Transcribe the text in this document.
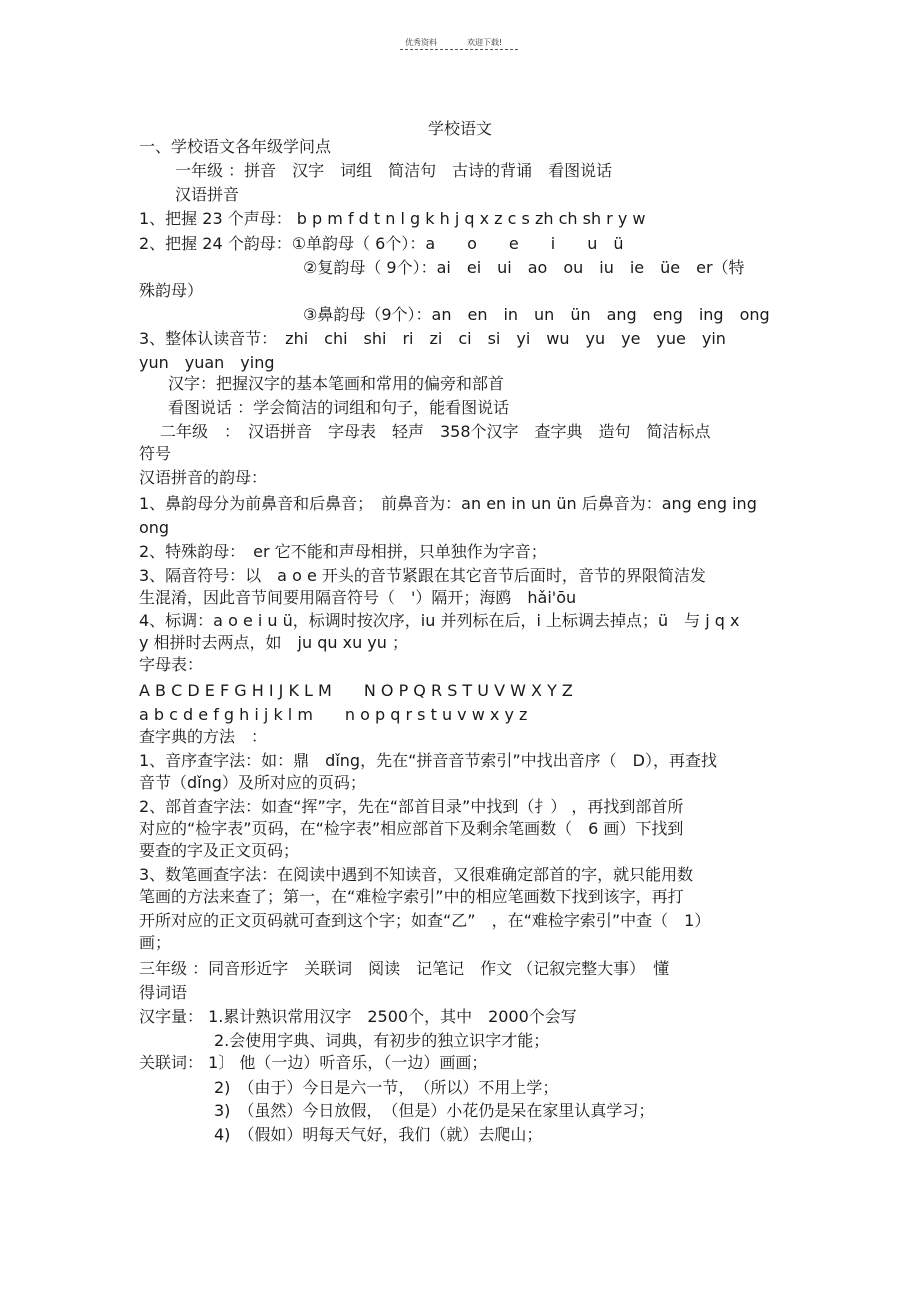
优秀资料	欢迎下载!
学校语文
一、学校语文各年级学问点
一年级 ：拼音　汉字　词组　简洁句　古诗的背诵　看图说话
汉语拼音
1、把握 23 个声母： b p m f d t n l g k h j q x z c s zh ch sh r y w
2、把握 24 个韵母：①单韵母（ 6个）：a　　o　　e　　i　　u　ü
②复韵母（ 9个）：ai　ei　ui　ao　ou　iu　ie　üe　er（特
殊韵母）
③鼻韵母（9个）：an　en　in　un　ün　ang　eng　ing　ong
3、整体认读音节：　zhi　chi　shi　ri　zi　ci　si　yi　wu　yu　ye　yue　yin
yun　yuan　ying
汉字：把握汉字的基本笔画和常用的偏旁和部首
看图说话 ：学会简洁的词组和句子，能看图说话
二年级　：　汉语拼音　字母表　轻声　358个汉字　查字典　造句　简洁标点
符号
汉语拼音的韵母：
1、鼻韵母分为前鼻音和后鼻音；　前鼻音为：an en in un ün 后鼻音为：ang eng ing
ong
2、特殊韵母：　er 它不能和声母相拼，只单独作为字音；
3、隔音符号：以　a o e 开头的音节紧跟在其它音节后面时，音节的界限简洁发
生混淆，因此音节间要用隔音符号（　'）隔开；海鸥　hǎi'ōu
4、标调：a o e i u ü，标调时按次序，iu 并列标在后，i 上标调去掉点；ü　与 j q x
y 相拼时去两点，如　ju qu xu yu ；
字母表：
A B C D E F G H I J K L M　　N O P Q R S T U V W X Y Z
a b c d e f g h i j k l m　　n o p q r s t u v w x y z
查字典的方法　：
1、音序查字法：如：鼎　dǐng，先在“拼音音节索引”中找出音序（　D），再查找
音节（dǐng）及所对应的页码；
2、部首查字法：如查“挥”字，先在“部首目录”中找到（扌） ，再找到部首所
对应的“检字表”页码，在“检字表”相应部首下及剩余笔画数（　6 画）下找到
要查的字及正文页码；
3、数笔画查字法：在阅读中遇到不知读音，又很难确定部首的字，就只能用数
笔画的方法来查了；第一，在“难检字索引”中的相应笔画数下找到该字，再打
开所对应的正文页码就可查到这个字；如查“乙”　，在“难检字索引”中查（　1）
画；
三年级 ：同音形近字　关联词　阅读　记笔记　作文 （记叙完整大事）　懂
得词语
汉字量： 1.累计熟识常用汉字　2500个，其中　2000个会写
2.会使用字典、词典，有初步的独立识字才能；
关联词： 1〕 他（一边）听音乐，（一边）画画；
2)　（由于）今日是六一节，　（所以）不用上学；
3)　（虽然）今日放假，　（但是）小花仍是呆在家里认真学习；
4)　（假如）明每天气好，我们（就）去爬山；
